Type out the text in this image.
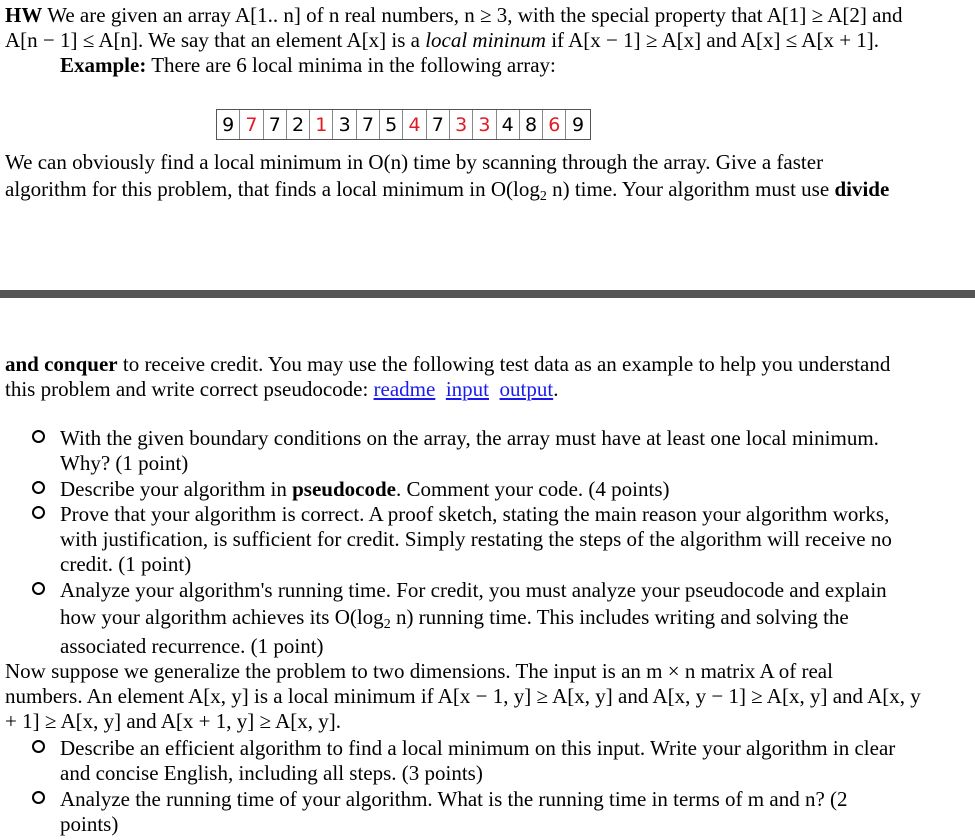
HW We are given an array A[1.. n] of n real numbers, n ≥ 3, with the special property that A[1] ≥ A[2] and
A[n − 1] ≤ A[n]. We say that an element A[x] is a local mininum if A[x − 1] ≥ A[x] and A[x] ≤ A[x + 1].
Example: There are 6 local minima in the following array:
9 7 7 2 1 3 7 5 4 7 3 3 4 8 6 9
We can obviously find a local minimum in O(n) time by scanning through the array. Give a faster
algorithm for this problem, that finds a local minimum in $O(\log_2$ n) time. Your algorithm must use divide
and conquer to receive credit. You may use the following test data as an example to help you understand
this problem and write correct pseudocode: readme input output.
With the given boundary conditions on the array, the array must have at least one local minimum.
Why? (1 point)
Describe your algorithm in pseudocode. Comment your code. (4 points)
Prove that your algorithm is correct. A proof sketch, stating the main reason your algorithm works,
with justification, is sufficient for credit. Simply restating the steps of the algorithm will receive no
credit. (1 point)
Analyze your algorithm's running time. For credit, you must analyze your pseudocode and explain
how your algorithm achieves its $O(\log_2$ n) running time. This includes writing and solving the
associated recurrence. (1 point)
Now suppose we generalize the problem to two dimensions. The input is an m × n matrix A of real
numbers. An element A[x, y] is a local minimum if A[x − 1, y] ≥ A[x, y] and A[x, y − 1] ≥ A[x, y] and A[x, y
+ 1] ≥ A[x, y] and A[x + 1, y] ≥ A[x, y].
Describe an efficient algorithm to find a local minimum on this input. Write your algorithm in clear
and concise English, including all steps. (3 points)
Analyze the running time of your algorithm. What is the running time in terms of m and n? (2
points)
